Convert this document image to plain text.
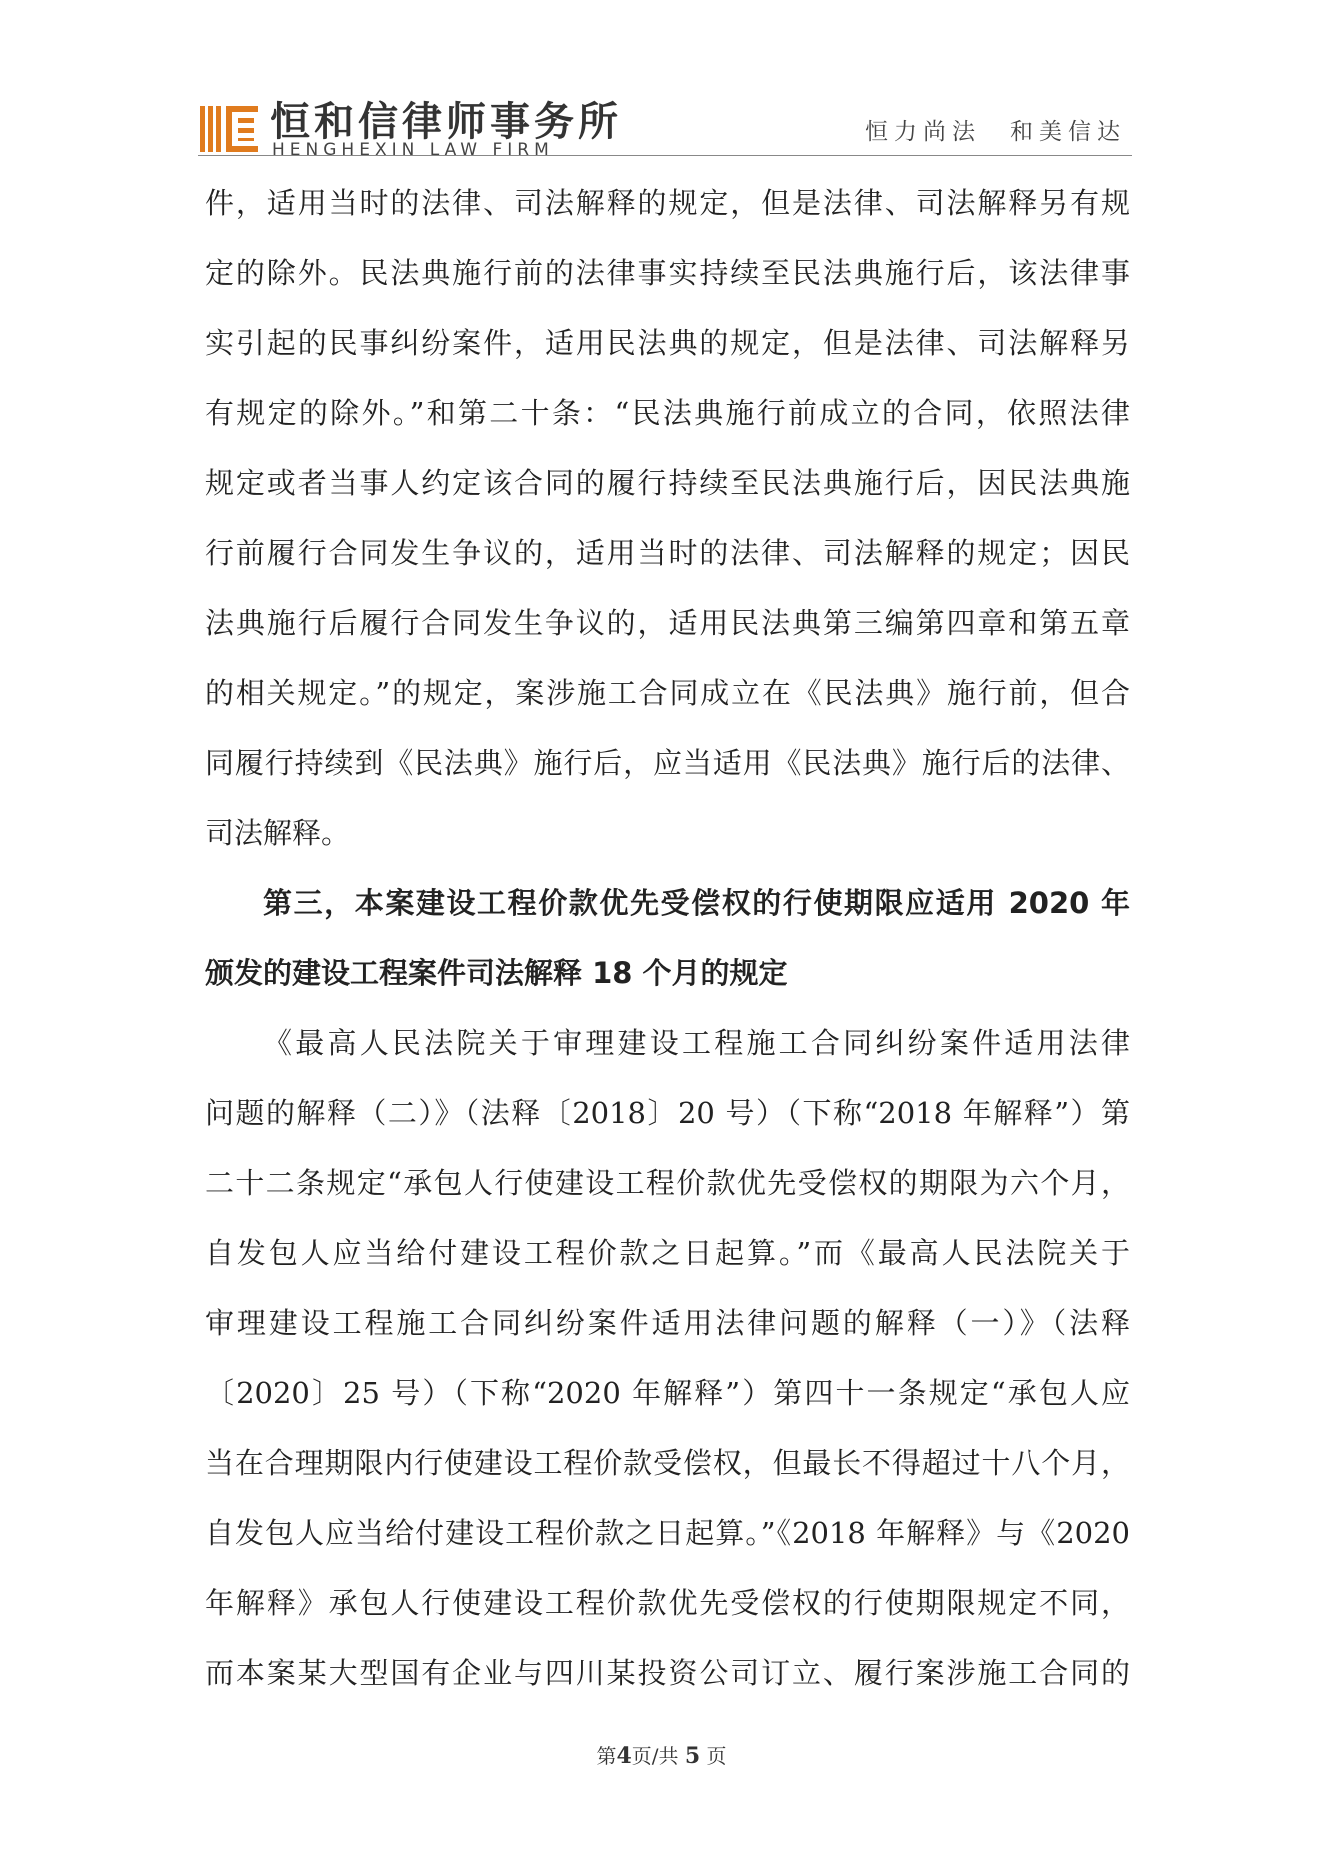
恒和信律师事务所
HENGHEXIN LAW FIRM
恒力尚法　和美信达
件，适用当时的法律、司法解释的规定，但是法律、司法解释另有规
定的除外。民法典施行前的法律事实持续至民法典施行后，该法律事
实引起的民事纠纷案件，适用民法典的规定，但是法律、司法解释另
有规定的除外。”和第二十条：“民法典施行前成立的合同，依照法律
规定或者当事人约定该合同的履行持续至民法典施行后，因民法典施
行前履行合同发生争议的，适用当时的法律、司法解释的规定；因民
法典施行后履行合同发生争议的，适用民法典第三编第四章和第五章
的相关规定。”的规定，案涉施工合同成立在《民法典》施行前，但合
同履行持续到《民法典》施行后，应当适用《民法典》施行后的法律、
司法解释。
第三，本案建设工程价款优先受偿权的行使期限应适用 2020 年
颁发的建设工程案件司法解释 18 个月的规定
《最高人民法院关于审理建设工程施工合同纠纷案件适用法律
问题的解释（二）》（法释〔2018〕20 号）（下称“2018 年解释”）第
二十二条规定“承包人行使建设工程价款优先受偿权的期限为六个月，
自发包人应当给付建设工程价款之日起算。”而《最高人民法院关于
审理建设工程施工合同纠纷案件适用法律问题的解释（一）》（法释
〔2020〕25 号）（下称“2020 年解释”）第四十一条规定“承包人应
当在合理期限内行使建设工程价款受偿权，但最长不得超过十八个月，
自发包人应当给付建设工程价款之日起算。”《2018 年解释》与《2020
年解释》承包人行使建设工程价款优先受偿权的行使期限规定不同，
而本案某大型国有企业与四川某投资公司订立、履行案涉施工合同的
第4页/共 5 页
